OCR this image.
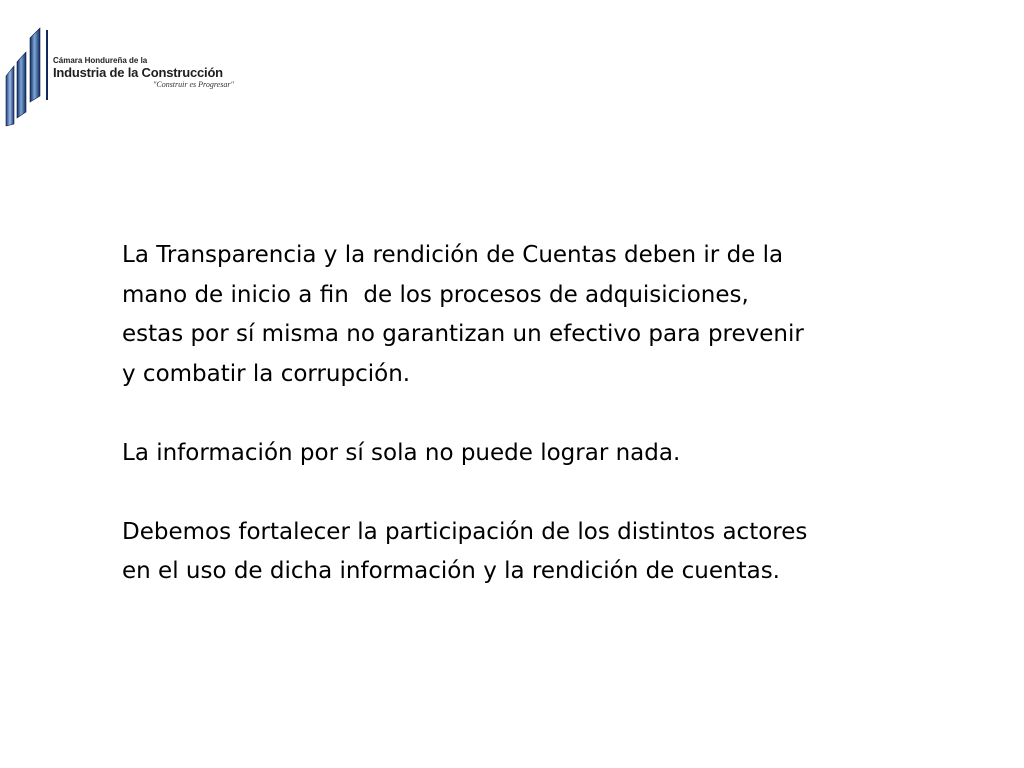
Cámara Hondureña de la
Industria de la Construcción
"Construir es Progresar"

La Transparencia y la rendición de Cuentas deben ir de la
mano de inicio a fin  de los procesos de adquisiciones,
estas por sí misma no garantizan un efectivo para prevenir
y combatir la corrupción.

La información por sí sola no puede lograr nada.

Debemos fortalecer la participación de los distintos actores
en el uso de dicha información y la rendición de cuentas.
